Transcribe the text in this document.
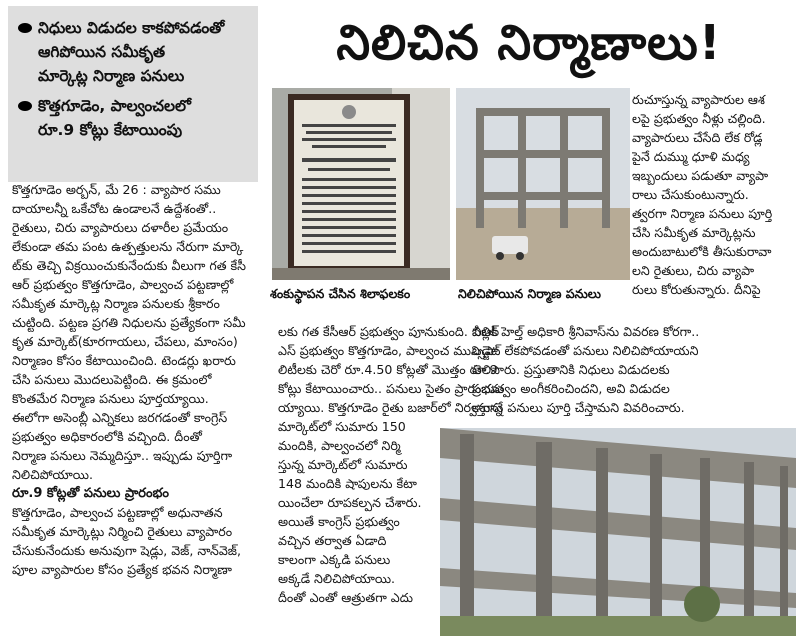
నిధులు విడుదల కాకపోవడంతో
ఆగిపోయిన సమీకృత
మార్కెట్ల నిర్మాణ పనులు
కొత్తగూడెం, పాల్వంచలలో
రూ.9 కోట్లు కేటాయింపు
నిలిచిన నిర్మాణాలు!
కొత్తగూడెం అర్బన్, మే 26 : వ్యాపార సము
దాయాలన్నీ ఒకేచోట ఉండాలనే ఉద్దేశంతో..
రైతులు, చిరు వ్యాపారులు దళారీల ప్రమేయం
లేకుండా తమ పంట ఉత్పత్తులను నేరుగా మార్కె
ట్‌కు తెచ్చి విక్రయించుకునేందుకు వీలుగా గత కేసీ
ఆర్ ప్రభుత్వం కొత్తగూడెం, పాల్వంచ పట్టణాల్లో
సమీకృత మార్కెట్ల నిర్మాణ పనులకు శ్రీకారం
చుట్టింది. పట్టణ ప్రగతి నిధులను ప్రత్యేకంగా సమీ
కృత మార్కెట్(కూరగాయలు, చేపలు, మాంసం)
నిర్మాణం కోసం కేటాయించింది. టెండర్లు ఖరారు
చేసి పనులు మొదలుపెట్టింది. ఈ క్రమంలో
కొంతమేర నిర్మాణ పనులు పూర్తయ్యాయి.
ఈలోగా అసెంబ్లీ ఎన్నికలు జరగడంతో కాంగ్రెస్
ప్రభుత్వం అధికారంలోకి వచ్చింది. దీంతో
నిర్మాణ పనులు నెమ్మదిస్తూ.. ఇప్పుడు పూర్తిగా
నిలిచిపోయాయి.
రూ.9 కోట్లతో పనులు ప్రారంభం
కొత్తగూడెం, పాల్వంచ పట్టణాల్లో అధునాతన
సమీకృత మార్కెట్లు నిర్మించి రైతులు వ్యాపారం
చేసుకునేందుకు అనువుగా షెడ్లు, వెజ్, నాన్‌వెజ్,
పూల వ్యాపారుల కోసం ప్రత్యేక భవన నిర్మాణా
శంకుస్థాపన చేసిన శిలాఫలకం	నిలిచిపోయిన నిర్మాణ పనులు
రుచూస్తున్న వ్యాపారుల ఆశ
లపై ప్రభుత్వం నీళ్లు చల్లింది.
వ్యాపారులు చేసేది లేక రోడ్ల
పైనే దుమ్ము ధూళి మధ్య
ఇబ్బందులు పడుతూ వ్యాపా
రాలు చేసుకుంటున్నారు.
త్వరగా నిర్మాణ పనులు పూర్తి
చేసి సమీకృత మార్కెట్లను
అందుబాటులోకి తీసుకురావా
లని రైతులు, చిరు వ్యాపా
రులు కోరుతున్నారు. దీనిపై
లకు గత కేసీఆర్ ప్రభుత్వం పూనుకుంది. బీఆర్
ఎస్ ప్రభుత్వం కొత్తగూడెం, పాల్వంచ మున్సిపా
లిటీలకు చెరో రూ.4.50 కోట్లతో మొత్తం రూ.9
కోట్లు కేటాయించారు.. పనులు సైతం ప్రారంభమ
య్యాయి. కొత్తగూడెం రైతు బజార్‌లో నిర్వస్తున్న
మార్కెట్‌లో సుమారు 150
మందికి, పాల్వంచలో నిర్మి
స్తున్న మార్కెట్‌లో సుమారు
148 మందికి షాపులను కేటా
యించేలా రూపకల్పన చేశారు.
అయితే కాంగ్రెస్ ప్రభుత్వం
వచ్చిన తర్వాత ఏడాది
కాలంగా ఎక్కడి పనులు
అక్కడే నిలిచిపోయాయి.
దీంతో ఎంతో ఆత్రుతగా ఎదు
పబ్లిక్ హెల్త్ అధికారి శ్రీనివాస్‌ను వివరణ కోరగా..
బడ్జెట్ లేకపోవడంతో పనులు నిలిచిపోయాయని
తెలిపారు. ప్రస్తుతానికి నిధులు విడుదలకు
ప్రభుత్వం అంగీకరించిందని, అవి విడుదల
కాగానే పనులు పూర్తి చేస్తామని వివరించారు.
